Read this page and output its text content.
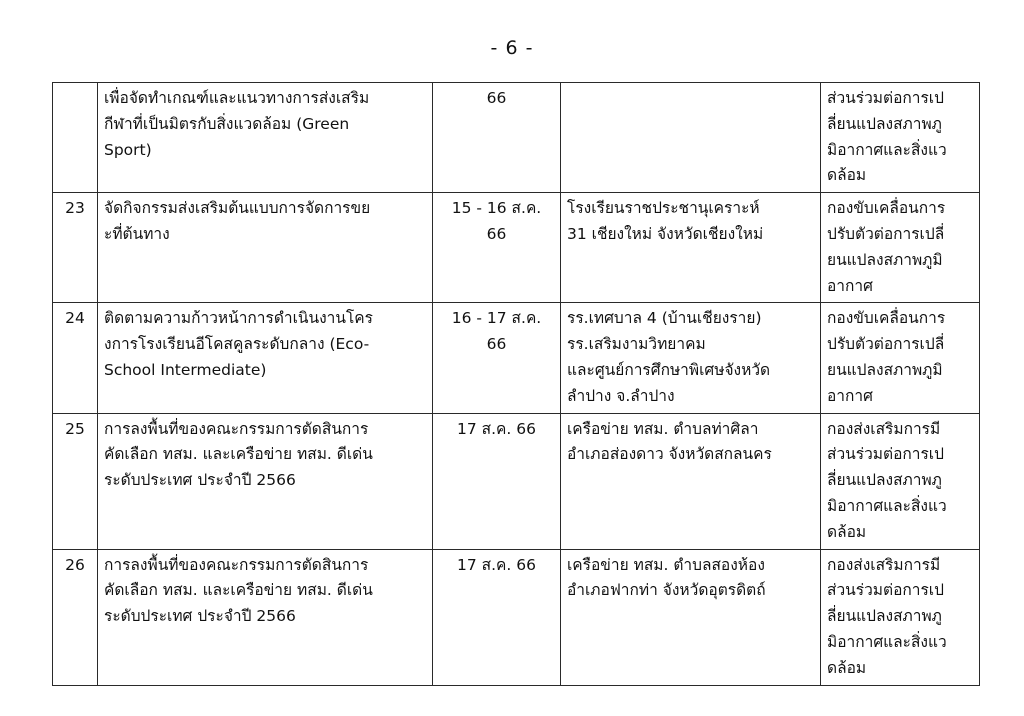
- 6 -
	เพื่อจัดทำเกณฑ์และแนวทางการส่งเสริม
กีฬาที่เป็นมิตรกับสิ่งแวดล้อม (Green
Sport)	66		ส่วนร่วมต่อการเป
ลี่ยนแปลงสภาพภู
มิอากาศและสิ่งแว
ดล้อม
23	จัดกิจกรรมส่งเสริมต้นแบบการจัดการขย
ะที่ต้นทาง	15 - 16 ส.ค.
66	โรงเรียนราชประชานุเคราะห์
31 เชียงใหม่ จังหวัดเชียงใหม่	กองขับเคลื่อนการ
ปรับตัวต่อการเปลี่
ยนแปลงสภาพภูมิ
อากาศ
24	ติดตามความก้าวหน้าการดำเนินงานโคร
งการโรงเรียนอีโคสคูลระดับกลาง (Eco-
School Intermediate)	16 - 17 ส.ค.
66	รร.เทศบาล 4 (บ้านเชียงราย)
รร.เสริมงามวิทยาคม
และศูนย์การศึกษาพิเศษจังหวัด
ลำปาง จ.ลำปาง	กองขับเคลื่อนการ
ปรับตัวต่อการเปลี่
ยนแปลงสภาพภูมิ
อากาศ
25	การลงพื้นที่ของคณะกรรมการตัดสินการ
คัดเลือก ทสม. และเครือข่าย ทสม. ดีเด่น
ระดับประเทศ ประจำปี 2566	17 ส.ค. 66	เครือข่าย ทสม. ตำบลท่าศิลา
อำเภอส่องดาว จังหวัดสกลนคร	กองส่งเสริมการมี
ส่วนร่วมต่อการเป
ลี่ยนแปลงสภาพภู
มิอากาศและสิ่งแว
ดล้อม
26	การลงพื้นที่ของคณะกรรมการตัดสินการ
คัดเลือก ทสม. และเครือข่าย ทสม. ดีเด่น
ระดับประเทศ ประจำปี 2566	17 ส.ค. 66	เครือข่าย ทสม. ตำบลสองห้อง
อำเภอฟากท่า จังหวัดอุตรดิตถ์	กองส่งเสริมการมี
ส่วนร่วมต่อการเป
ลี่ยนแปลงสภาพภู
มิอากาศและสิ่งแว
ดล้อม
